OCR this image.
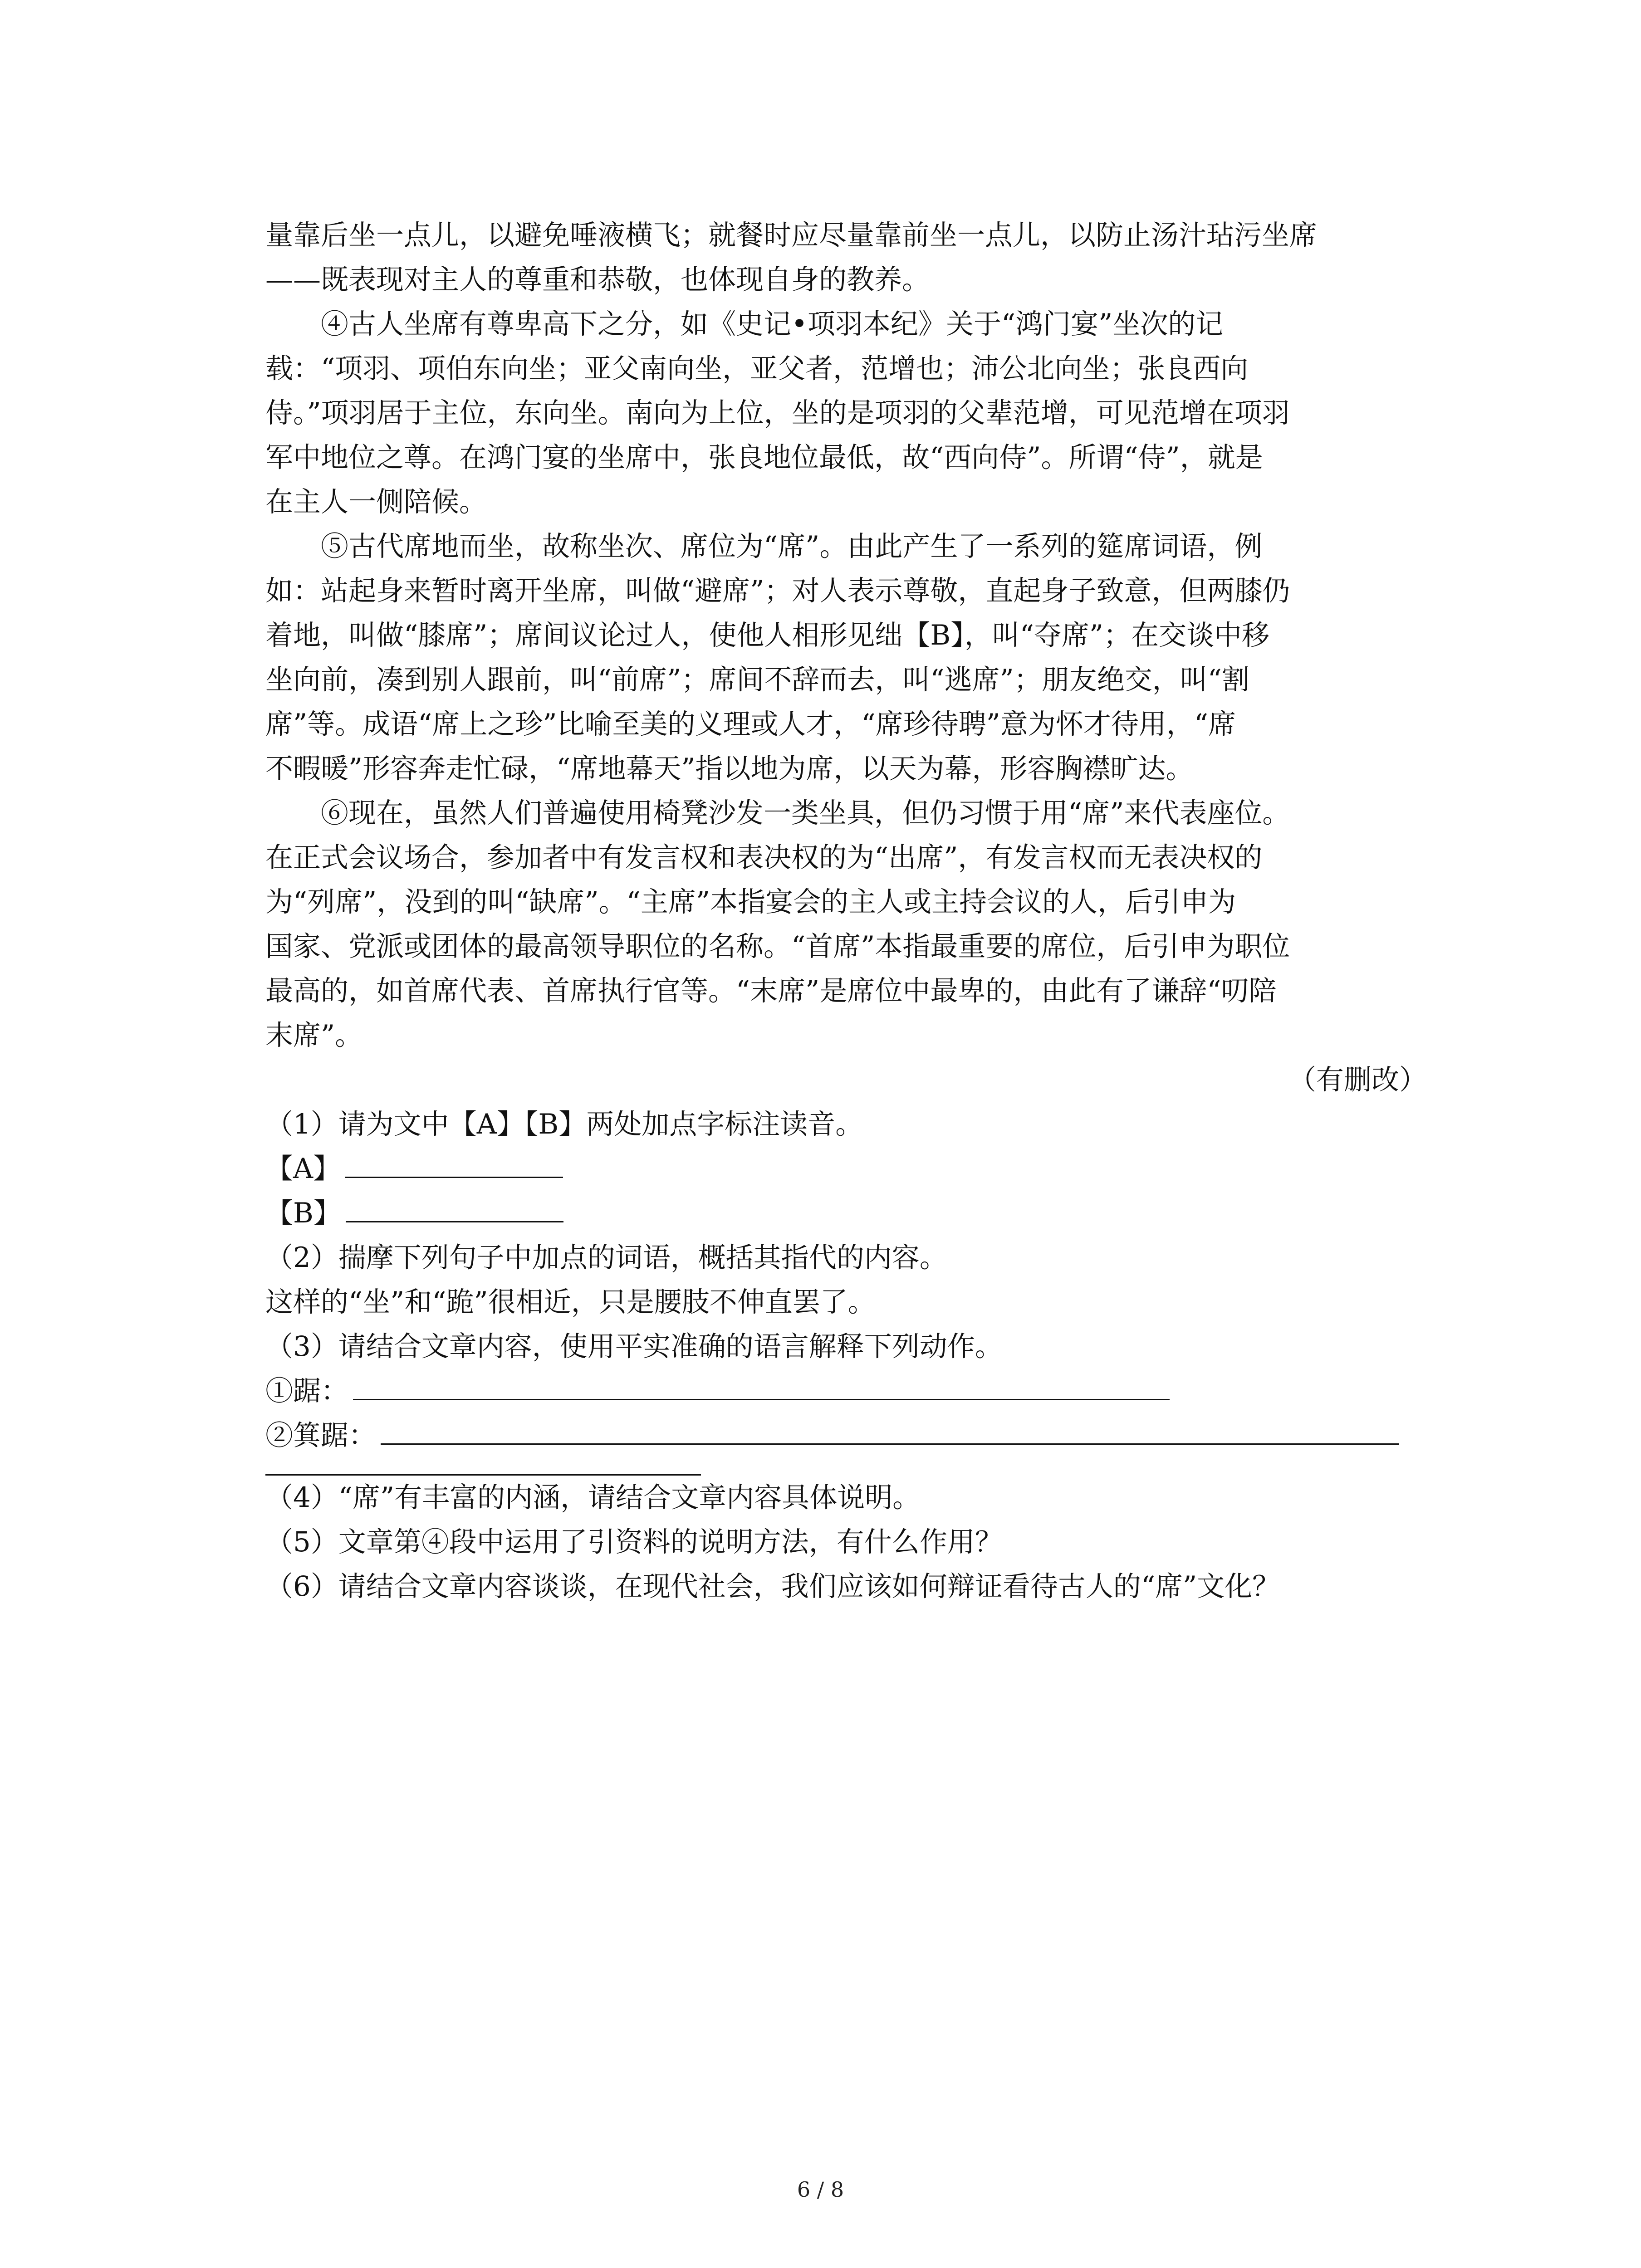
量靠后坐一点儿，以避免唾液横飞；就餐时应尽量靠前坐一点儿，以防止汤汁玷污坐席
——既表现对主人的尊重和恭敬，也体现自身的教养。
④古人坐席有尊卑高下之分，如《史记•项羽本纪》关于“鸿门宴”坐次的记
载：“项羽、项伯东向坐；亚父南向坐，亚父者，范增也；沛公北向坐；张良西向
侍。”项羽居于主位，东向坐。南向为上位，坐的是项羽的父辈范增，可见范增在项羽
军中地位之尊。在鸿门宴的坐席中，张良地位最低，故“西向侍”。所谓“侍”，就是
在主人一侧陪候。
⑤古代席地而坐，故称坐次、席位为“席”。由此产生了一系列的筵席词语，例
如：站起身来暂时离开坐席，叫做“避席”；对人表示尊敬，直起身子致意，但两膝仍
着地，叫做“膝席”；席间议论过人，使他人相形见绌【B】，叫“夺席”；在交谈中移
坐向前，凑到别人跟前，叫“前席”；席间不辞而去，叫“逃席”；朋友绝交，叫“割
席”等。成语“席上之珍”比喻至美的义理或人才，“席珍待聘”意为怀才待用，“席
不暇暖”形容奔走忙碌，“席地幕天”指以地为席，以天为幕，形容胸襟旷达。
⑥现在，虽然人们普遍使用椅凳沙发一类坐具，但仍习惯于用“席”来代表座位。
在正式会议场合，参加者中有发言权和表决权的为“出席”，有发言权而无表决权的
为“列席”，没到的叫“缺席”。“主席”本指宴会的主人或主持会议的人，后引申为
国家、党派或团体的最高领导职位的名称。“首席”本指最重要的席位，后引申为职位
最高的，如首席代表、首席执行官等。“末席”是席位中最卑的，由此有了谦辞“叨陪
末席”。
（有删改）
（1）请为文中【A】【B】两处加点字标注读音。
【A】
【B】
（2）揣摩下列句子中加点的词语，概括其指代的内容。
这样的“坐”和“跪”很相近，只是腰肢不伸直罢了。
（3）请结合文章内容，使用平实准确的语言解释下列动作。
①踞：
②箕踞：
（4）“席”有丰富的内涵，请结合文章内容具体说明。
（5）文章第④段中运用了引资料的说明方法，有什么作用？
（6）请结合文章内容谈谈，在现代社会，我们应该如何辩证看待古人的“席”文化？
6 / 8
